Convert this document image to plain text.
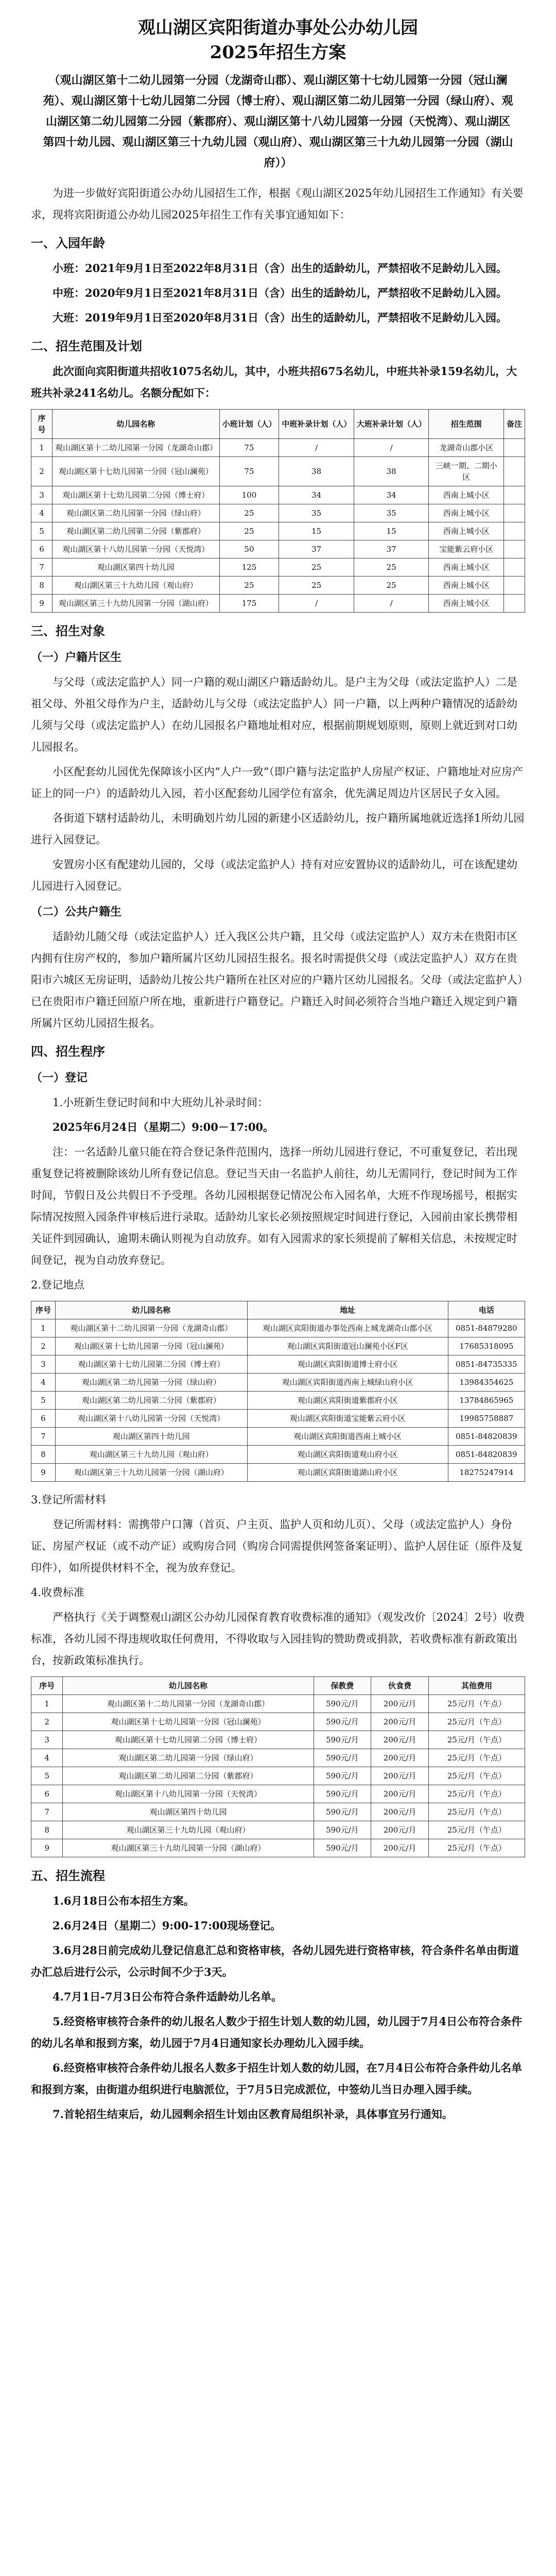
观山湖区宾阳街道办事处公办幼儿园
2025年招生方案
（观山湖区第十二幼儿园第一分园（龙湖奇山郡）、观山湖区第十七幼儿园第一分园（冠山澜苑）、观山湖区第十七幼儿园第二分园（博士府）、观山湖区第二幼儿园第一分园（绿山府）、观山湖区第二幼儿园第二分园（紫郡府）、观山湖区第十八幼儿园第一分园（天悦湾）、观山湖区第四十幼儿园、观山湖区第三十九幼儿园（观山府）、观山湖区第三十九幼儿园第一分园（湖山府））
为进一步做好宾阳街道公办幼儿园招生工作，根据《观山湖区2025年幼儿园招生工作通知》有关要求，现将宾阳街道公办幼儿园2025年招生工作有关事宜通知如下：
一、入园年龄
小班：2021年9月1日至2022年8月31日（含）出生的适龄幼儿，严禁招收不足龄幼儿入园。
中班：2020年9月1日至2021年8月31日（含）出生的适龄幼儿，严禁招收不足龄幼儿入园。
大班：2019年9月1日至2020年8月31日（含）出生的适龄幼儿，严禁招收不足龄幼儿入园。
二、招生范围及计划
此次面向宾阳街道共招收1075名幼儿，其中，小班共招675名幼儿，中班共补录159名幼儿，大班共补录241名幼儿。名额分配如下：
序号	幼儿园名称	小班计划（人）	中班补录计划（人）	大班补录计划（人）	招生范围	备注
1	观山湖区第十二幼儿园第一分园（龙湖奇山郡）	75	/	/	龙湖奇山郡小区	
2	观山湖区第十七幼儿园第一分园（冠山澜苑）	75	38	38	三峡一期、二期小区	
3	观山湖区第十七幼儿园第二分园（博士府）	100	34	34	西南上城小区	
4	观山湖区第二幼儿园第一分园（绿山府）	25	35	35	西南上城小区	
5	观山湖区第二幼儿园第二分园（紫郡府）	25	15	15	西南上城小区	
6	观山湖区第十八幼儿园第一分园（天悦湾）	50	37	37	宝能紫云府小区	
7	观山湖区第四十幼儿园	125	25	25	西南上城小区	
8	观山湖区第三十九幼儿园（观山府）	25	25	25	西南上城小区	
9	观山湖区第三十九幼儿园第一分园（湖山府）	175	/	/	西南上城小区	
三、招生对象
（一）户籍片区生
与父母（或法定监护人）同一户籍的观山湖区户籍适龄幼儿。是户主为父母（或法定监护人）二是祖父母、外祖父母作为户主，适龄幼儿与父母（或法定监护人）同一户籍，以上两种户籍情况的适龄幼儿须与父母（或法定监护人）在幼儿园报名户籍地址相对应，根据前期规划原则，原则上就近到对口幼儿园报名。
小区配套幼儿园优先保障该小区内“人户一致”（即户籍与法定监护人房屋产权证、户籍地址对应房产证上的同一户）的适龄幼儿入园，若小区配套幼儿园学位有富余，优先满足周边片区居民子女入园。
各街道下辖村适龄幼儿，未明确划片幼儿园的新建小区适龄幼儿，按户籍所属地就近选择1所幼儿园进行入园登记。
安置房小区有配建幼儿园的，父母（或法定监护人）持有对应安置协议的适龄幼儿，可在该配建幼儿园进行入园登记。
（二）公共户籍生
适龄幼儿随父母（或法定监护人）迁入我区公共户籍，且父母（或法定监护人）双方未在贵阳市区内拥有住房产权的，参加户籍所属片区幼儿园招生报名。报名时需提供父母（或法定监护人）双方在贵阳市六城区无房证明，适龄幼儿按公共户籍所在社区对应的户籍片区幼儿园报名。父母（或法定监护人）已在贵阳市户籍迁回原户所在地，重新进行户籍登记。户籍迁入时间必须符合当地户籍迁入规定到户籍所属片区幼儿园招生报名。
四、招生程序
（一）登记
1.小班新生登记时间和中大班幼儿补录时间：
2025年6月24日（星期二）9:00－17:00。
注：一名适龄儿童只能在符合登记条件范围内，选择一所幼儿园进行登记，不可重复登记，若出现重复登记将被删除该幼儿所有登记信息。登记当天由一名监护人前往，幼儿无需同行，登记时间为工作时间，节假日及公共假日不予受理。各幼儿园根据登记情况公布入园名单，大班不作现场摇号，根据实际情况按照入园条件审核后进行录取。适龄幼儿家长必须按照规定时间进行登记，入园前由家长携带相关证件到园确认，逾期未确认则视为自动放弃。如有入园需求的家长须提前了解相关信息，未按规定时间登记，视为自动放弃登记。
2.登记地点
序号	幼儿园名称	地址	电话
1	观山湖区第十二幼儿园第一分园（龙湖奇山郡）	观山湖区宾阳街道办事处西南上城龙湖奇山郡小区	0851-84879280
2	观山湖区第十七幼儿园第一分园（冠山澜苑）	观山湖区宾阳街道冠山澜苑小区F区	17685318095
3	观山湖区第十七幼儿园第二分园（博士府）	观山湖区宾阳街道博士府小区	0851-84735335
4	观山湖区第二幼儿园第一分园（绿山府）	观山湖区宾阳街道西南上城绿山府小区	13984354625
5	观山湖区第二幼儿园第二分园（紫郡府）	观山湖区宾阳街道紫郡府小区	13784865965
6	观山湖区第十八幼儿园第一分园（天悦湾）	观山湖区宾阳街道宝能紫云府小区	19985758887
7	观山湖区第四十幼儿园	观山湖区宾阳街道西南上城小区	0851-84820839
8	观山湖区第三十九幼儿园（观山府）	观山湖区宾阳街道观山府小区	0851-84820839
9	观山湖区第三十九幼儿园第一分园（湖山府）	观山湖区宾阳街道湖山府小区	18275247914
3.登记所需材料
登记所需材料：需携带户口簿（首页、户主页、监护人页和幼儿页）、父母（或法定监护人）身份证、房屋产权证（或不动产证）或购房合同（购房合同需提供网签备案证明）、监护人居住证（原件及复印件），如所提供材料不全，视为放弃登记。
4.收费标准
严格执行《关于调整观山湖区公办幼儿园保育教育收费标准的通知》（观发改价〔2024〕2号）收费标准，各幼儿园不得违规收取任何费用，不得收取与入园挂钩的赞助费或捐款，若收费标准有新政策出台，按新政策标准执行。
序号	幼儿园名称	保教费	伙食费	其他费用
1	观山湖区第十二幼儿园第一分园（龙湖奇山郡）	590元/月	200元/月	25元/月（午点）
2	观山湖区第十七幼儿园第一分园（冠山澜苑）	590元/月	200元/月	25元/月（午点）
3	观山湖区第十七幼儿园第二分园（博士府）	590元/月	200元/月	25元/月（午点）
4	观山湖区第二幼儿园第一分园（绿山府）	590元/月	200元/月	25元/月（午点）
5	观山湖区第二幼儿园第二分园（紫郡府）	590元/月	200元/月	25元/月（午点）
6	观山湖区第十八幼儿园第一分园（天悦湾）	590元/月	200元/月	25元/月（午点）
7	观山湖区第四十幼儿园	590元/月	200元/月	25元/月（午点）
8	观山湖区第三十九幼儿园（观山府）	590元/月	200元/月	25元/月（午点）
9	观山湖区第三十九幼儿园第一分园（湖山府）	590元/月	200元/月	25元/月（午点）
五、招生流程
1.6月18日公布本招生方案。
2.6月24日（星期二）9:00-17:00现场登记。
3.6月28日前完成幼儿登记信息汇总和资格审核，各幼儿园先进行资格审核，符合条件名单由街道办汇总后进行公示，公示时间不少于3天。
4.7月1日-7月3日公布符合条件适龄幼儿名单。
5.经资格审核符合条件的幼儿报名人数少于招生计划人数的幼儿园，幼儿园于7月4日公布符合条件的幼儿名单和报到方案，幼儿园于7月4日通知家长办理幼儿入园手续。
6.经资格审核符合条件幼儿报名人数多于招生计划人数的幼儿园，在7月4日公布符合条件幼儿名单和报到方案，由街道办组织进行电脑派位，于7月5日完成派位，中签幼儿当日办理入园手续。
7.首轮招生结束后，幼儿园剩余招生计划由区教育局组织补录，具体事宜另行通知。
